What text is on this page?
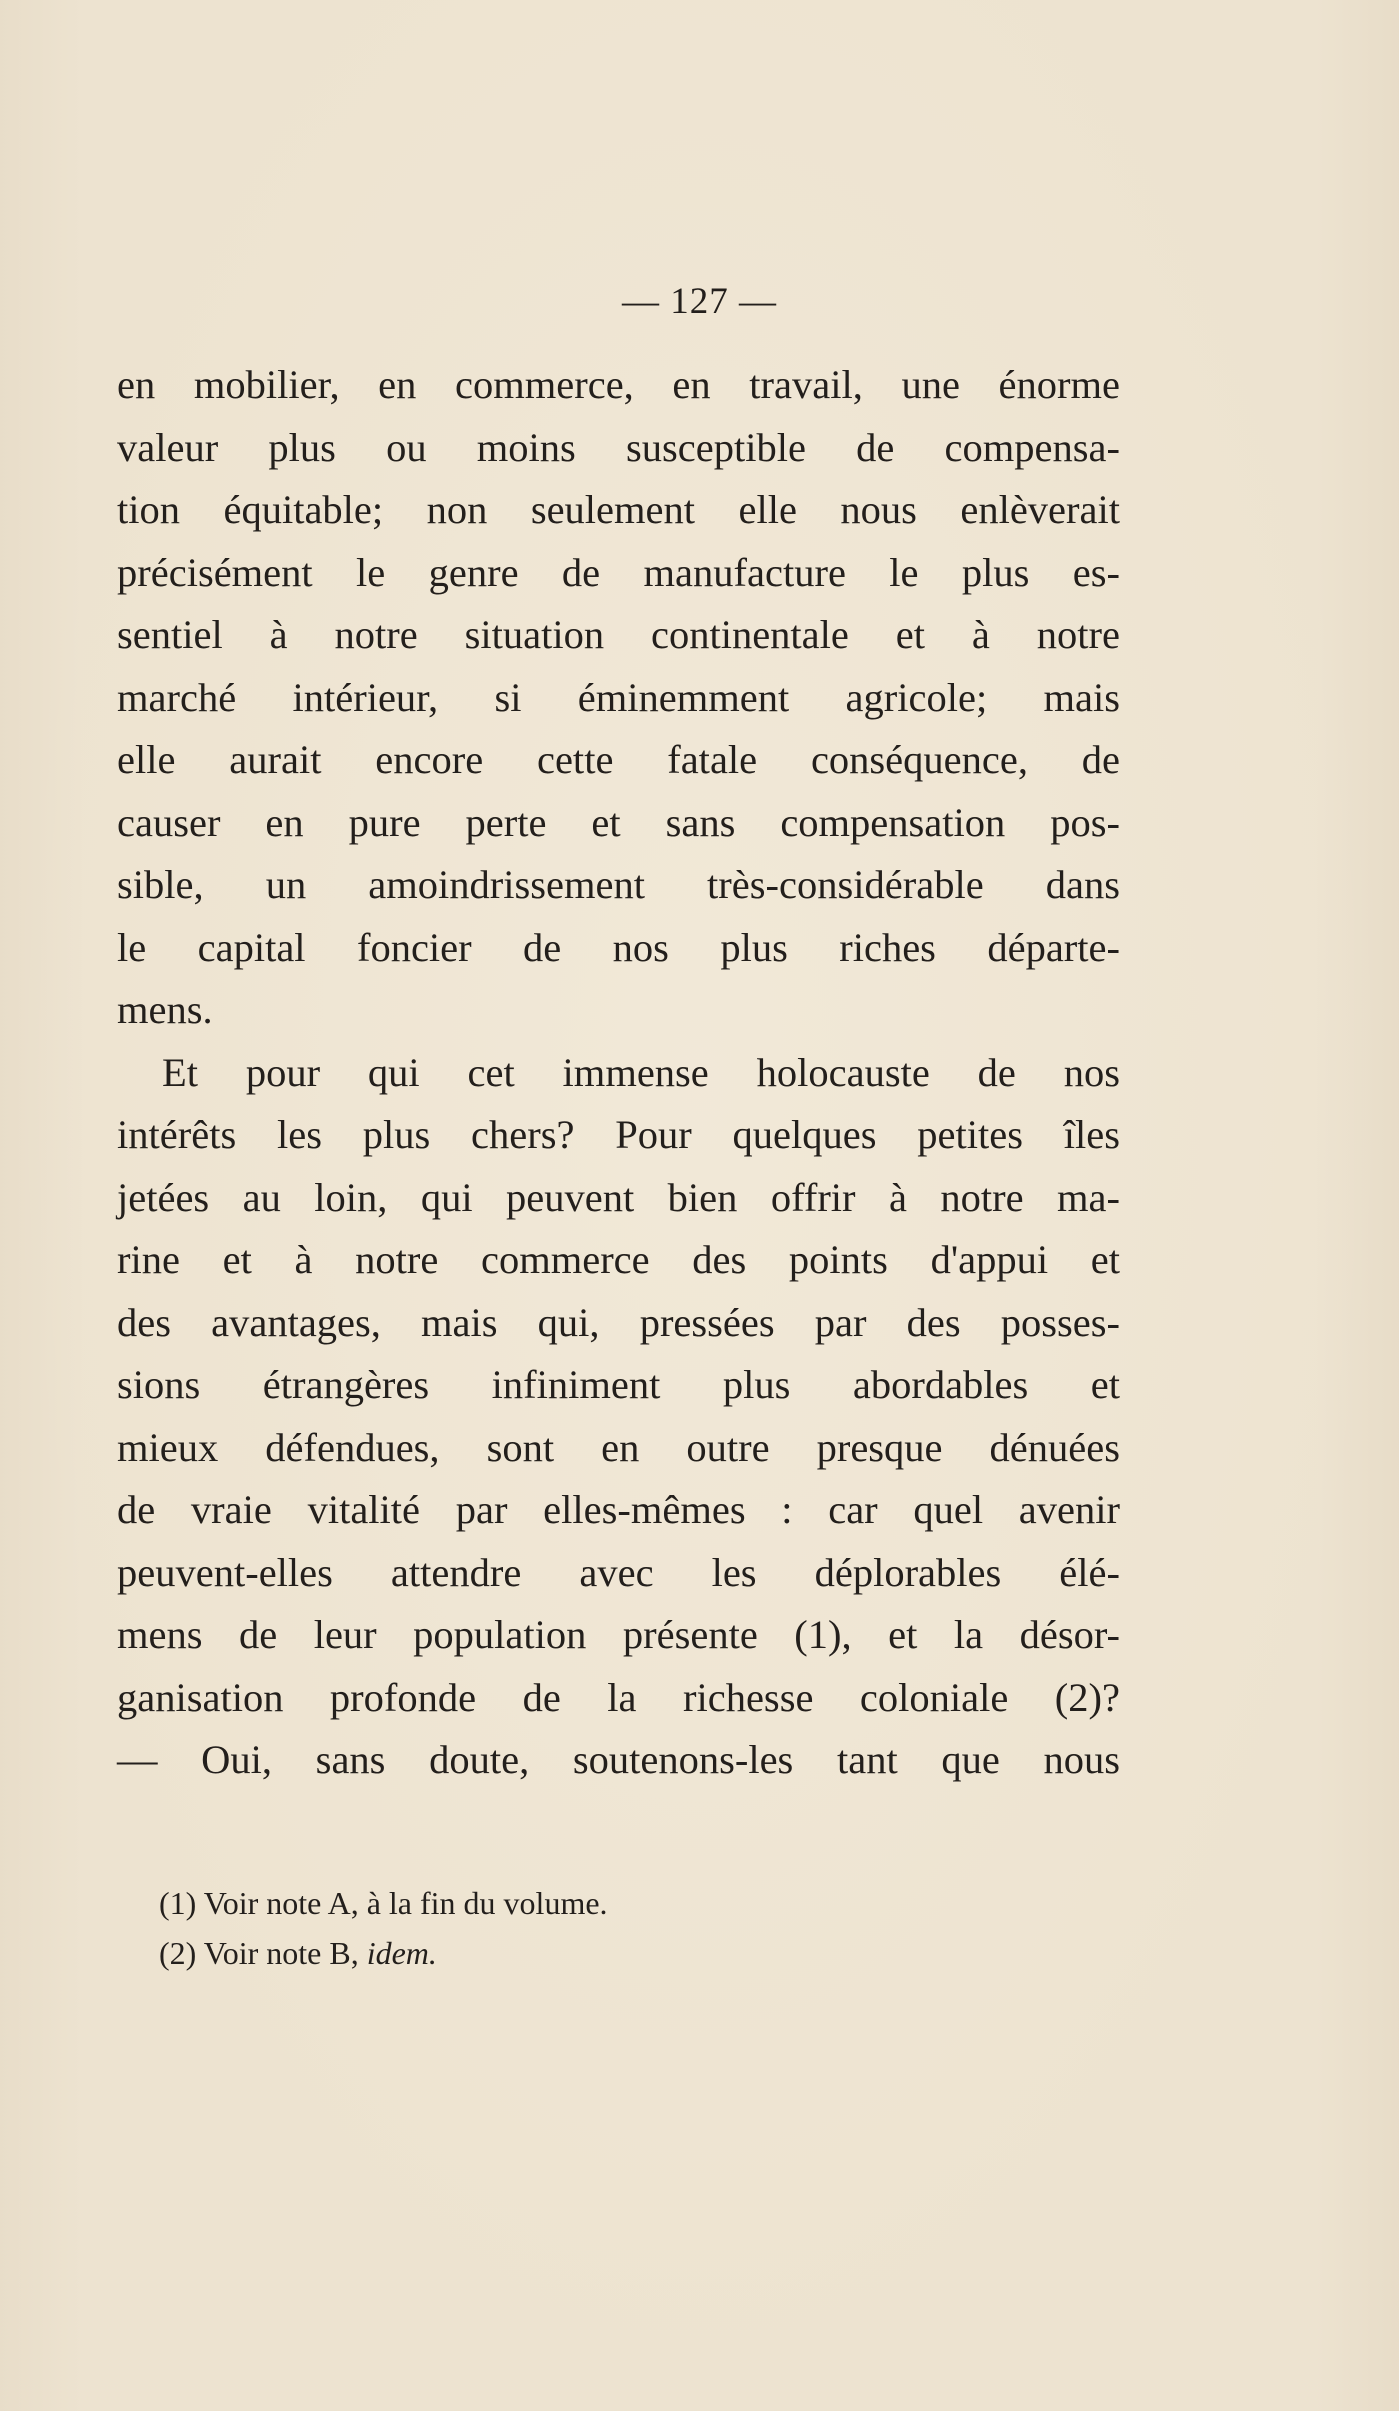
— 127 —
en mobilier, en commerce, en travail, une énorme
valeur plus ou moins susceptible de compensa-
tion équitable; non seulement elle nous enlèverait
précisément le genre de manufacture le plus es-
sentiel à notre situation continentale et à notre
marché intérieur, si éminemment agricole; mais
elle aurait encore cette fatale conséquence, de
causer en pure perte et sans compensation pos-
sible, un amoindrissement très-considérable dans
le capital foncier de nos plus riches départe-
mens.
Et pour qui cet immense holocauste de nos
intérêts les plus chers? Pour quelques petites îles
jetées au loin, qui peuvent bien offrir à notre ma-
rine et à notre commerce des points d'appui et
des avantages, mais qui, pressées par des posses-
sions étrangères infiniment plus abordables et
mieux défendues, sont en outre presque dénuées
de vraie vitalité par elles-mêmes : car quel avenir
peuvent-elles attendre avec les déplorables élé-
mens de leur population présente (1), et la désor-
ganisation profonde de la richesse coloniale (2)?
— Oui, sans doute, soutenons-les tant que nous
(1) Voir note A, à la fin du volume.
(2) Voir note B, idem.
